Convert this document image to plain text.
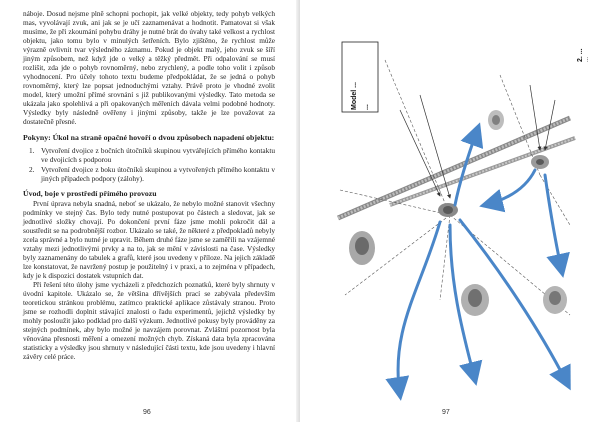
náboje. Dosud nejsme plně schopni pochopit, jak velké objekty, tedy pohyb velkých mas, vyvolávají zvuk, ani jak se je učí zaznamenávat a hodnotit. Pamatovat si však musíme, že při zkoumání pohybu dráhy je nutné brát do úvahy také velkost a rychlost objektu, jako tomu bylo v minulých šetřeních. Bylo zjištěno, že rychlost může výrazně ovlivnit tvar výsledného záznamu. Pokud je objekt malý, jeho zvuk se šíří jiným způsobem, než když jde o velký a těžký předmět. Při odpalování se musí rozlišit, zda jde o pohyb rovnoměrný, nebo zrychlený, a podle toho volit i způsob vyhodnocení. Pro účely tohoto textu budeme předpokládat, že se jedná o pohyb rovnoměrný, který lze popsat jednoduchými vztahy. Právě proto je vhodné zvolit model, který umožní přímé srovnání s již publikovanými výsledky. Tato metoda se ukázala jako spolehlivá a při opakovaných měřeních dávala velmi podobné hodnoty. Výsledky byly následně ověřeny i jinými způsoby, takže je lze považovat za dostatečně přesné.

Pokyny: Úkol na straně opačné hovoří o dvou způsobech napadení objektu:

1. Vytvoření dvojice z bočních útočníků skupinou vytvářejících přímého kontaktu ve dvojicích s podporou
2. Vytvoření dvojice z boku útočníků skupinou a vytvořených přímého kontaktu v jiných případech podpory (zálohy).

Úvod, boje v prostředí přímého provozu

První úprava nebyla snadná, neboť se ukázalo, že nebylo možné stanovit všechny podmínky ve stejný čas. Bylo tedy nutné postupovat po částech a sledovat, jak se jednotlivé složky chovají. Po dokončení první fáze jsme mohli pokročit dál a soustředit se na podrobnější rozbor. Ukázalo se také, že některé z předpokladů nebyly zcela správné a bylo nutné je upravit. Během druhé fáze jsme se zaměřili na vzájemné vztahy mezi jednotlivými prvky a na to, jak se mění v závislosti na čase. Výsledky byly zaznamenány do tabulek a grafů, které jsou uvedeny v příloze. Na jejich základě lze konstatovat, že navržený postup je použitelný i v praxi, a to zejména v případech, kdy je k dispozici dostatek vstupních dat.

Při řešení této úlohy jsme vycházeli z předchozích poznatků, které byly shrnuty v úvodní kapitole. Ukázalo se, že většina dřívějších prací se zabývala především teoretickou stránkou problému, zatímco praktické aplikace zůstávaly stranou. Proto jsme se rozhodli doplnit stávající znalosti o řadu experimentů, jejichž výsledky by mohly posloužit jako podklad pro další výzkum. Jednotlivé pokusy byly prováděny za stejných podmínek, aby bylo možné je navzájem porovnat. Zvláštní pozornost byla věnována přesnosti měření a omezení možných chyb. Získaná data byla zpracována statisticky a výsledky jsou shrnuty v následující části textu, kde jsou uvedeny i hlavní závěry celé práce.

96
Model ... ...
2. ... ...
97
